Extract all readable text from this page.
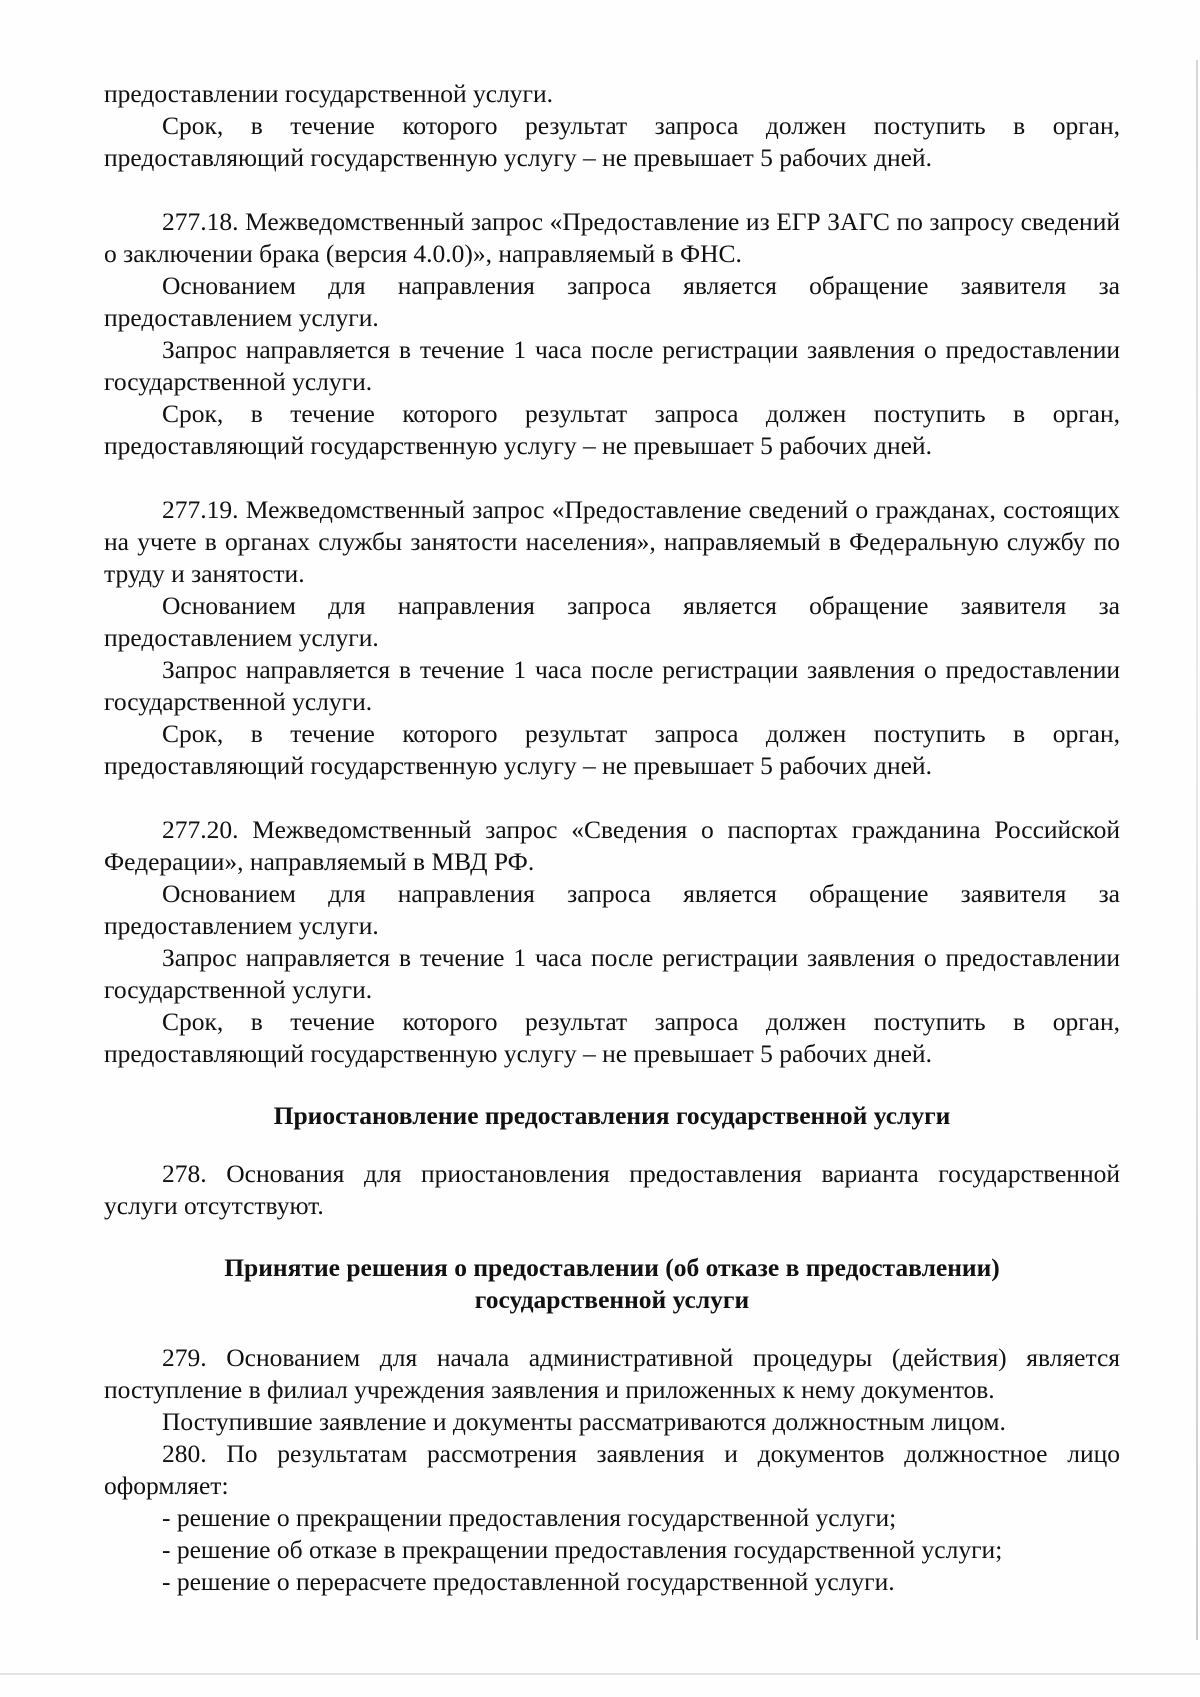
предоставлении государственной услуги.

Срок, в течение которого результат запроса должен поступить в орган, предоставляющий государственную услугу – не превышает 5 рабочих дней.

277.18. Межведомственный запрос «Предоставление из ЕГР ЗАГС по запросу сведений о заключении брака (версия 4.0.0)», направляемый в ФНС.

Основанием для направления запроса является обращение заявителя за предоставлением услуги.

Запрос направляется в течение 1 часа после регистрации заявления о предоставлении государственной услуги.

Срок, в течение которого результат запроса должен поступить в орган, предоставляющий государственную услугу – не превышает 5 рабочих дней.

277.19. Межведомственный запрос «Предоставление сведений о гражданах, состоящих на учете в органах службы занятости населения», направляемый в Федеральную службу по труду и занятости.

Основанием для направления запроса является обращение заявителя за предоставлением услуги.

Запрос направляется в течение 1 часа после регистрации заявления о предоставлении государственной услуги.

Срок, в течение которого результат запроса должен поступить в орган, предоставляющий государственную услугу – не превышает 5 рабочих дней.

277.20. Межведомственный запрос «Сведения о паспортах гражданина Российской Федерации», направляемый в МВД РФ.

Основанием для направления запроса является обращение заявителя за предоставлением услуги.

Запрос направляется в течение 1 часа после регистрации заявления о предоставлении государственной услуги.

Срок, в течение которого результат запроса должен поступить в орган, предоставляющий государственную услугу – не превышает 5 рабочих дней.

Приостановление предоставления государственной услуги

278. Основания для приостановления предоставления варианта государственной услуги отсутствуют.

Принятие решения о предоставлении (об отказе в предоставлении)

государственной услуги

279. Основанием для начала административной процедуры (действия) является поступление в филиал учреждения заявления и приложенных к нему документов.

Поступившие заявление и документы рассматриваются должностным лицом.

280. По результатам рассмотрения заявления и документов должностное лицо оформляет:

- решение о прекращении предоставления государственной услуги;

- решение об отказе в прекращении предоставления государственной услуги;

- решение о перерасчете предоставленной государственной услуги.
